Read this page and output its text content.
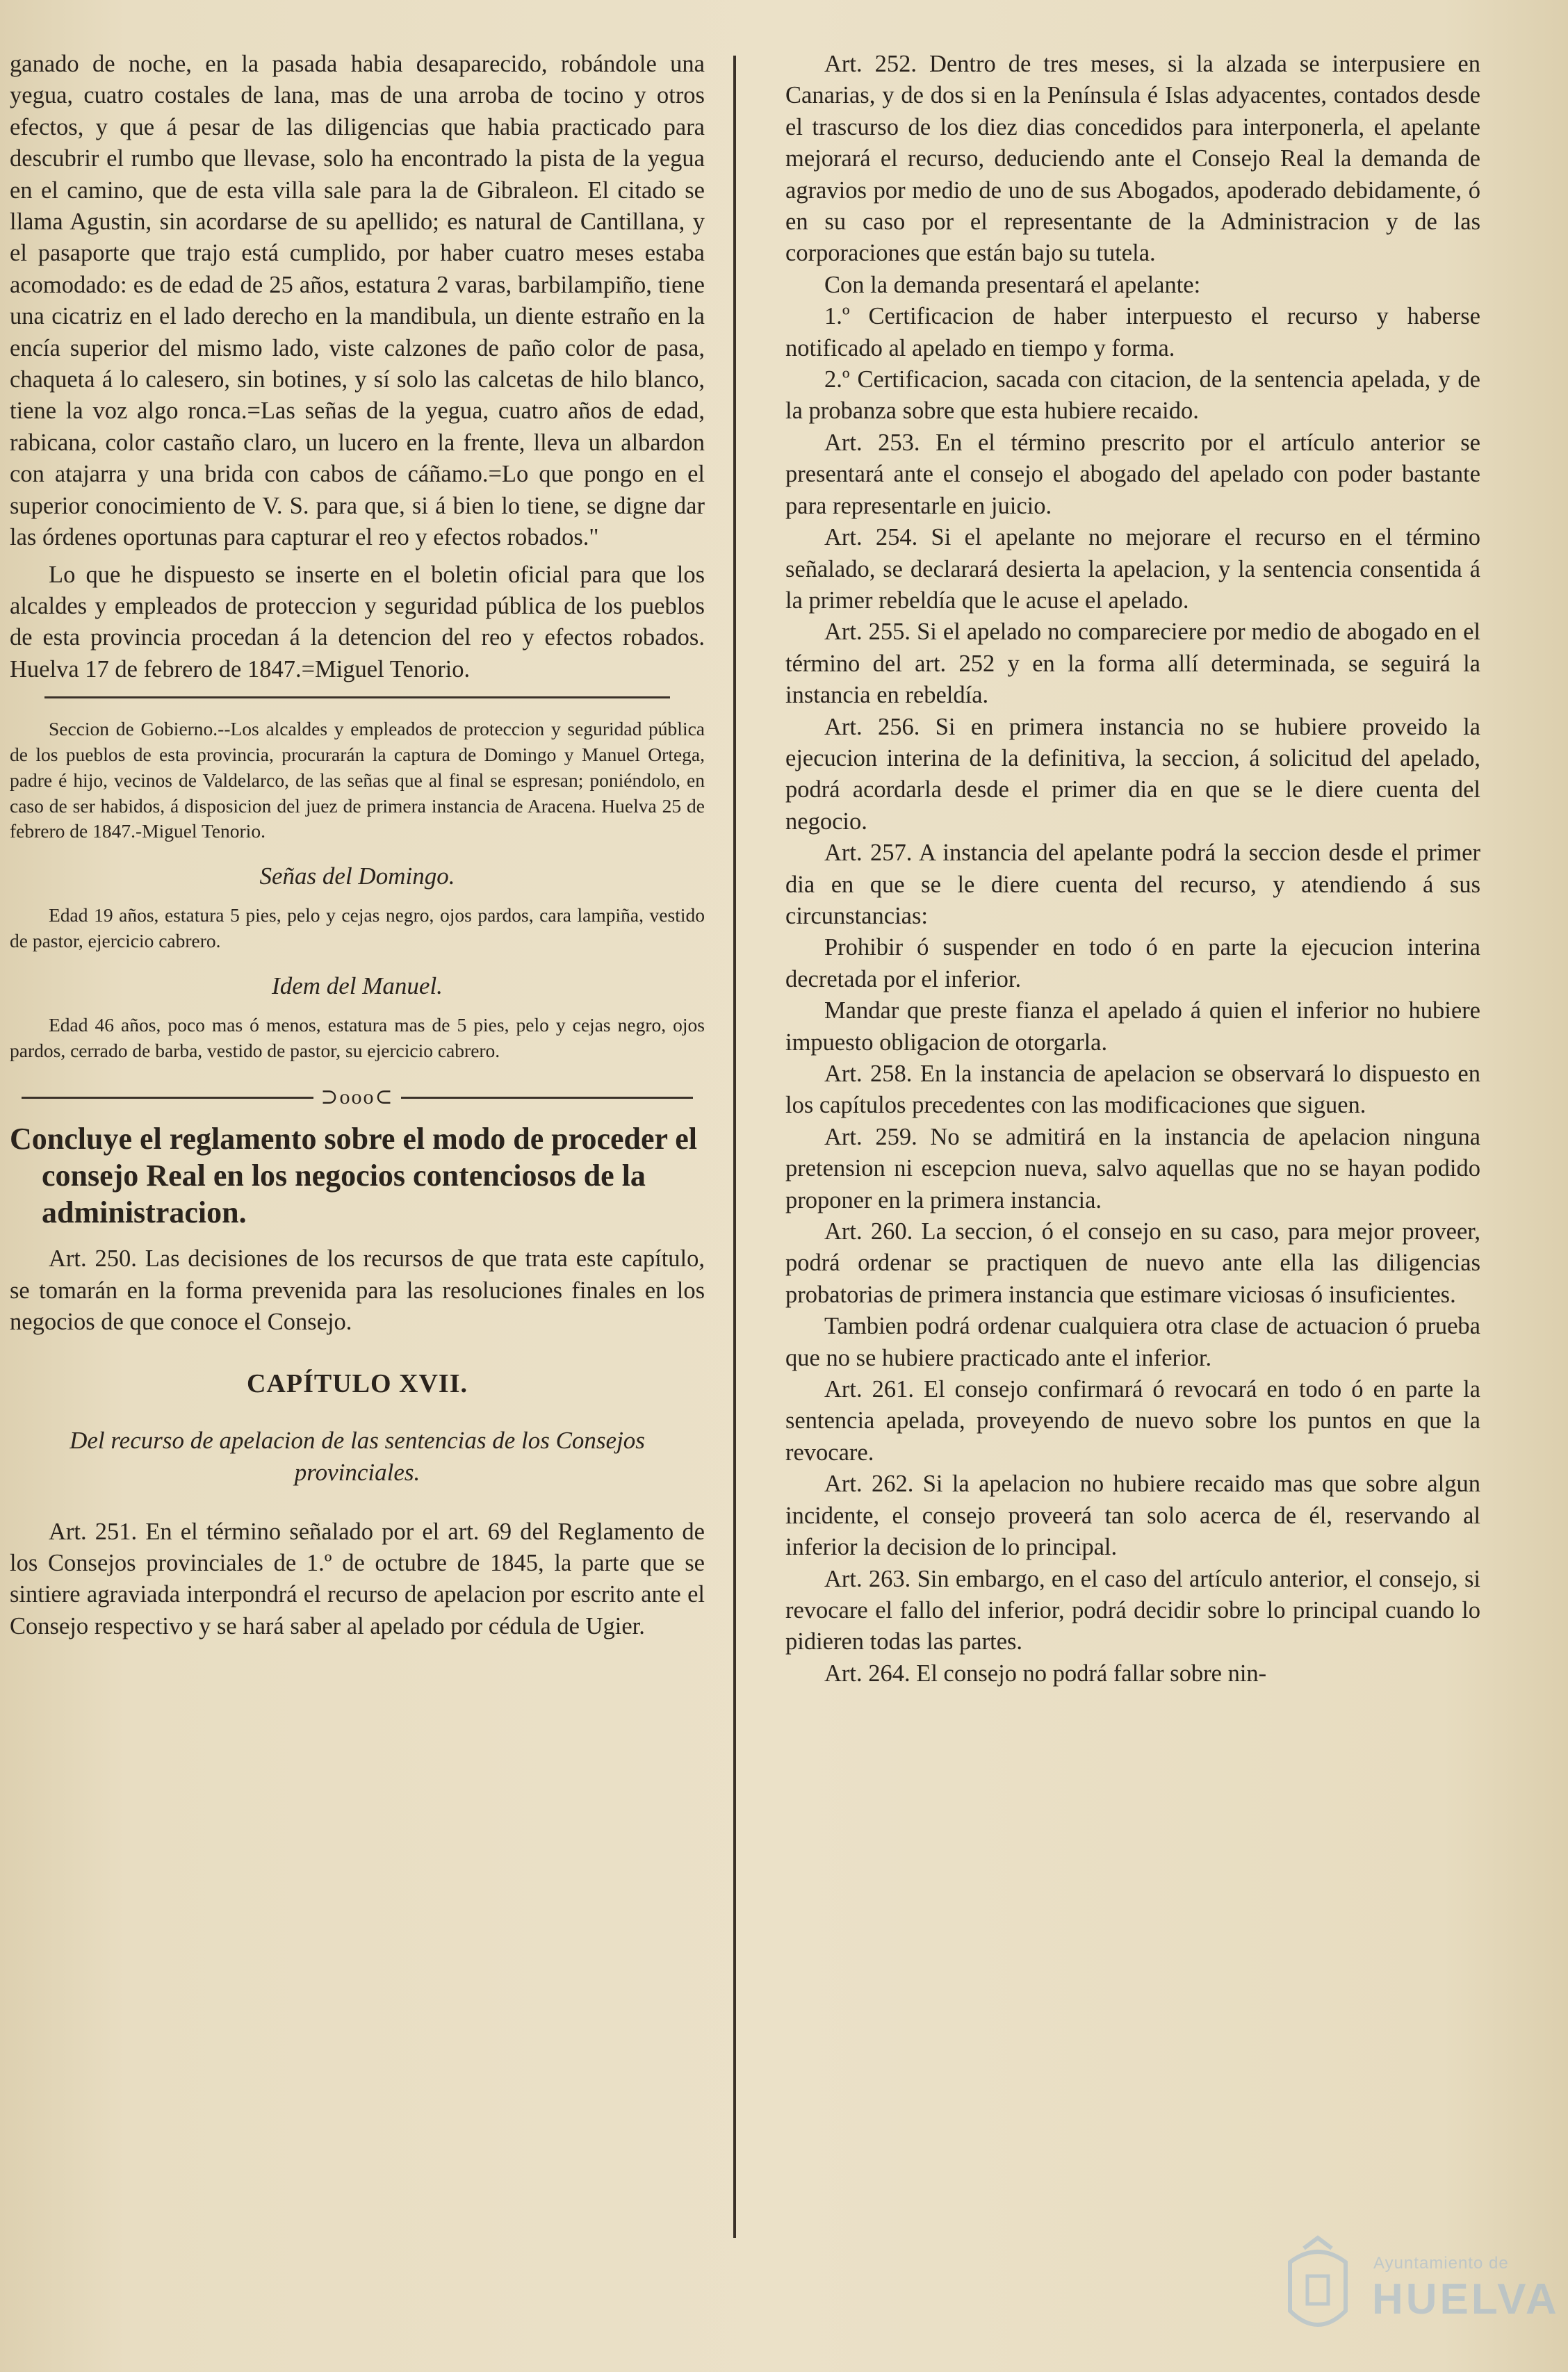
ganado de noche, en la pasada habia desaparecido, robándole una yegua, cuatro costales de lana, mas de una arroba de tocino y otros efectos, y que á pesar de las diligencias que habia practicado para descubrir el rumbo que llevase, solo ha encontrado la pista de la yegua en el camino, que de esta villa sale para la de Gibraleon. El citado se llama Agustin, sin acordarse de su apellido; es natural de Cantillana, y el pasaporte que trajo está cumplido, por haber cuatro meses estaba acomodado: es de edad de 25 años, estatura 2 varas, barbilampiño, tiene una cicatriz en el lado derecho en la mandibula, un diente estraño en la encía superior del mismo lado, viste calzones de paño color de pasa, chaqueta á lo calesero, sin botines, y sí solo las calcetas de hilo blanco, tiene la voz algo ronca.=Las señas de la yegua, cuatro años de edad, rabicana, color castaño claro, un lucero en la frente, lleva un albardon con atajarra y una brida con cabos de cáñamo.=Lo que pongo en el superior conocimiento de V. S. para que, si á bien lo tiene, se digne dar las órdenes oportunas para capturar el reo y efectos robados."

Lo que he dispuesto se inserte en el boletin oficial para que los alcaldes y empleados de proteccion y seguridad pública de los pueblos de esta provincia procedan á la detencion del reo y efectos robados. Huelva 17 de febrero de 1847.=Miguel Tenorio.

Seccion de Gobierno.--Los alcaldes y empleados de proteccion y seguridad pública de los pueblos de esta provincia, procurarán la captura de Domingo y Manuel Ortega, padre é hijo, vecinos de Valdelarco, de las señas que al final se espresan; poniéndolo, en caso de ser habidos, á disposicion del juez de primera instancia de Aracena. Huelva 25 de febrero de 1847.-Miguel Tenorio.

Señas del Domingo.

Edad 19 años, estatura 5 pies, pelo y cejas negro, ojos pardos, cara lampiña, vestido de pastor, ejercicio cabrero.

Idem del Manuel.

Edad 46 años, poco mas ó menos, estatura mas de 5 pies, pelo y cejas negro, ojos pardos, cerrado de barba, vestido de pastor, su ejercicio cabrero.

⊃ooo⊂

Concluye el reglamento sobre el modo de proceder el consejo Real en los negocios contenciosos de la administracion.

Art. 250. Las decisiones de los recursos de que trata este capítulo, se tomarán en la forma prevenida para las resoluciones finales en los negocios de que conoce el Consejo.

CAPÍTULO XVII.

Del recurso de apelacion de las sentencias de los Consejos provinciales.

Art. 251. En el término señalado por el art. 69 del Reglamento de los Consejos provinciales de 1.º de octubre de 1845, la parte que se sintiere agraviada interpondrá el recurso de apelacion por escrito ante el Consejo respectivo y se hará saber al apelado por cédula de Ugier.

Art. 252. Dentro de tres meses, si la alzada se interpusiere en Canarias, y de dos si en la Península é Islas adyacentes, contados desde el trascurso de los diez dias concedidos para interponerla, el apelante mejorará el recurso, deduciendo ante el Consejo Real la demanda de agravios por medio de uno de sus Abogados, apoderado debidamente, ó en su caso por el representante de la Administracion y de las corporaciones que están bajo su tutela.

Con la demanda presentará el apelante:

1.º Certificacion de haber interpuesto el recurso y haberse notificado al apelado en tiempo y forma.

2.º Certificacion, sacada con citacion, de la sentencia apelada, y de la probanza sobre que esta hubiere recaido.

Art. 253. En el término prescrito por el artículo anterior se presentará ante el consejo el abogado del apelado con poder bastante para representarle en juicio.

Art. 254. Si el apelante no mejorare el recurso en el término señalado, se declarará desierta la apelacion, y la sentencia consentida á la primer rebeldía que le acuse el apelado.

Art. 255. Si el apelado no compareciere por medio de abogado en el término del art. 252 y en la forma allí determinada, se seguirá la instancia en rebeldía.

Art. 256. Si en primera instancia no se hubiere proveido la ejecucion interina de la definitiva, la seccion, á solicitud del apelado, podrá acordarla desde el primer dia en que se le diere cuenta del negocio.

Art. 257. A instancia del apelante podrá la seccion desde el primer dia en que se le diere cuenta del recurso, y atendiendo á sus circunstancias:

Prohibir ó suspender en todo ó en parte la ejecucion interina decretada por el inferior.

Mandar que preste fianza el apelado á quien el inferior no hubiere impuesto obligacion de otorgarla.

Art. 258. En la instancia de apelacion se observará lo dispuesto en los capítulos precedentes con las modificaciones que siguen.

Art. 259. No se admitirá en la instancia de apelacion ninguna pretension ni escepcion nueva, salvo aquellas que no se hayan podido proponer en la primera instancia.

Art. 260. La seccion, ó el consejo en su caso, para mejor proveer, podrá ordenar se practiquen de nuevo ante ella las diligencias probatorias de primera instancia que estimare viciosas ó insuficientes.

Tambien podrá ordenar cualquiera otra clase de actuacion ó prueba que no se hubiere practicado ante el inferior.

Art. 261. El consejo confirmará ó revocará en todo ó en parte la sentencia apelada, proveyendo de nuevo sobre los puntos en que la revocare.

Art. 262. Si la apelacion no hubiere recaido mas que sobre algun incidente, el consejo proveerá tan solo acerca de él, reservando al inferior la decision de lo principal.

Art. 263. Sin embargo, en el caso del artículo anterior, el consejo, si revocare el fallo del inferior, podrá decidir sobre lo principal cuando lo pidieren todas las partes.

Art. 264. El consejo no podrá fallar sobre nin-

Ayuntamiento de
HUELVA
